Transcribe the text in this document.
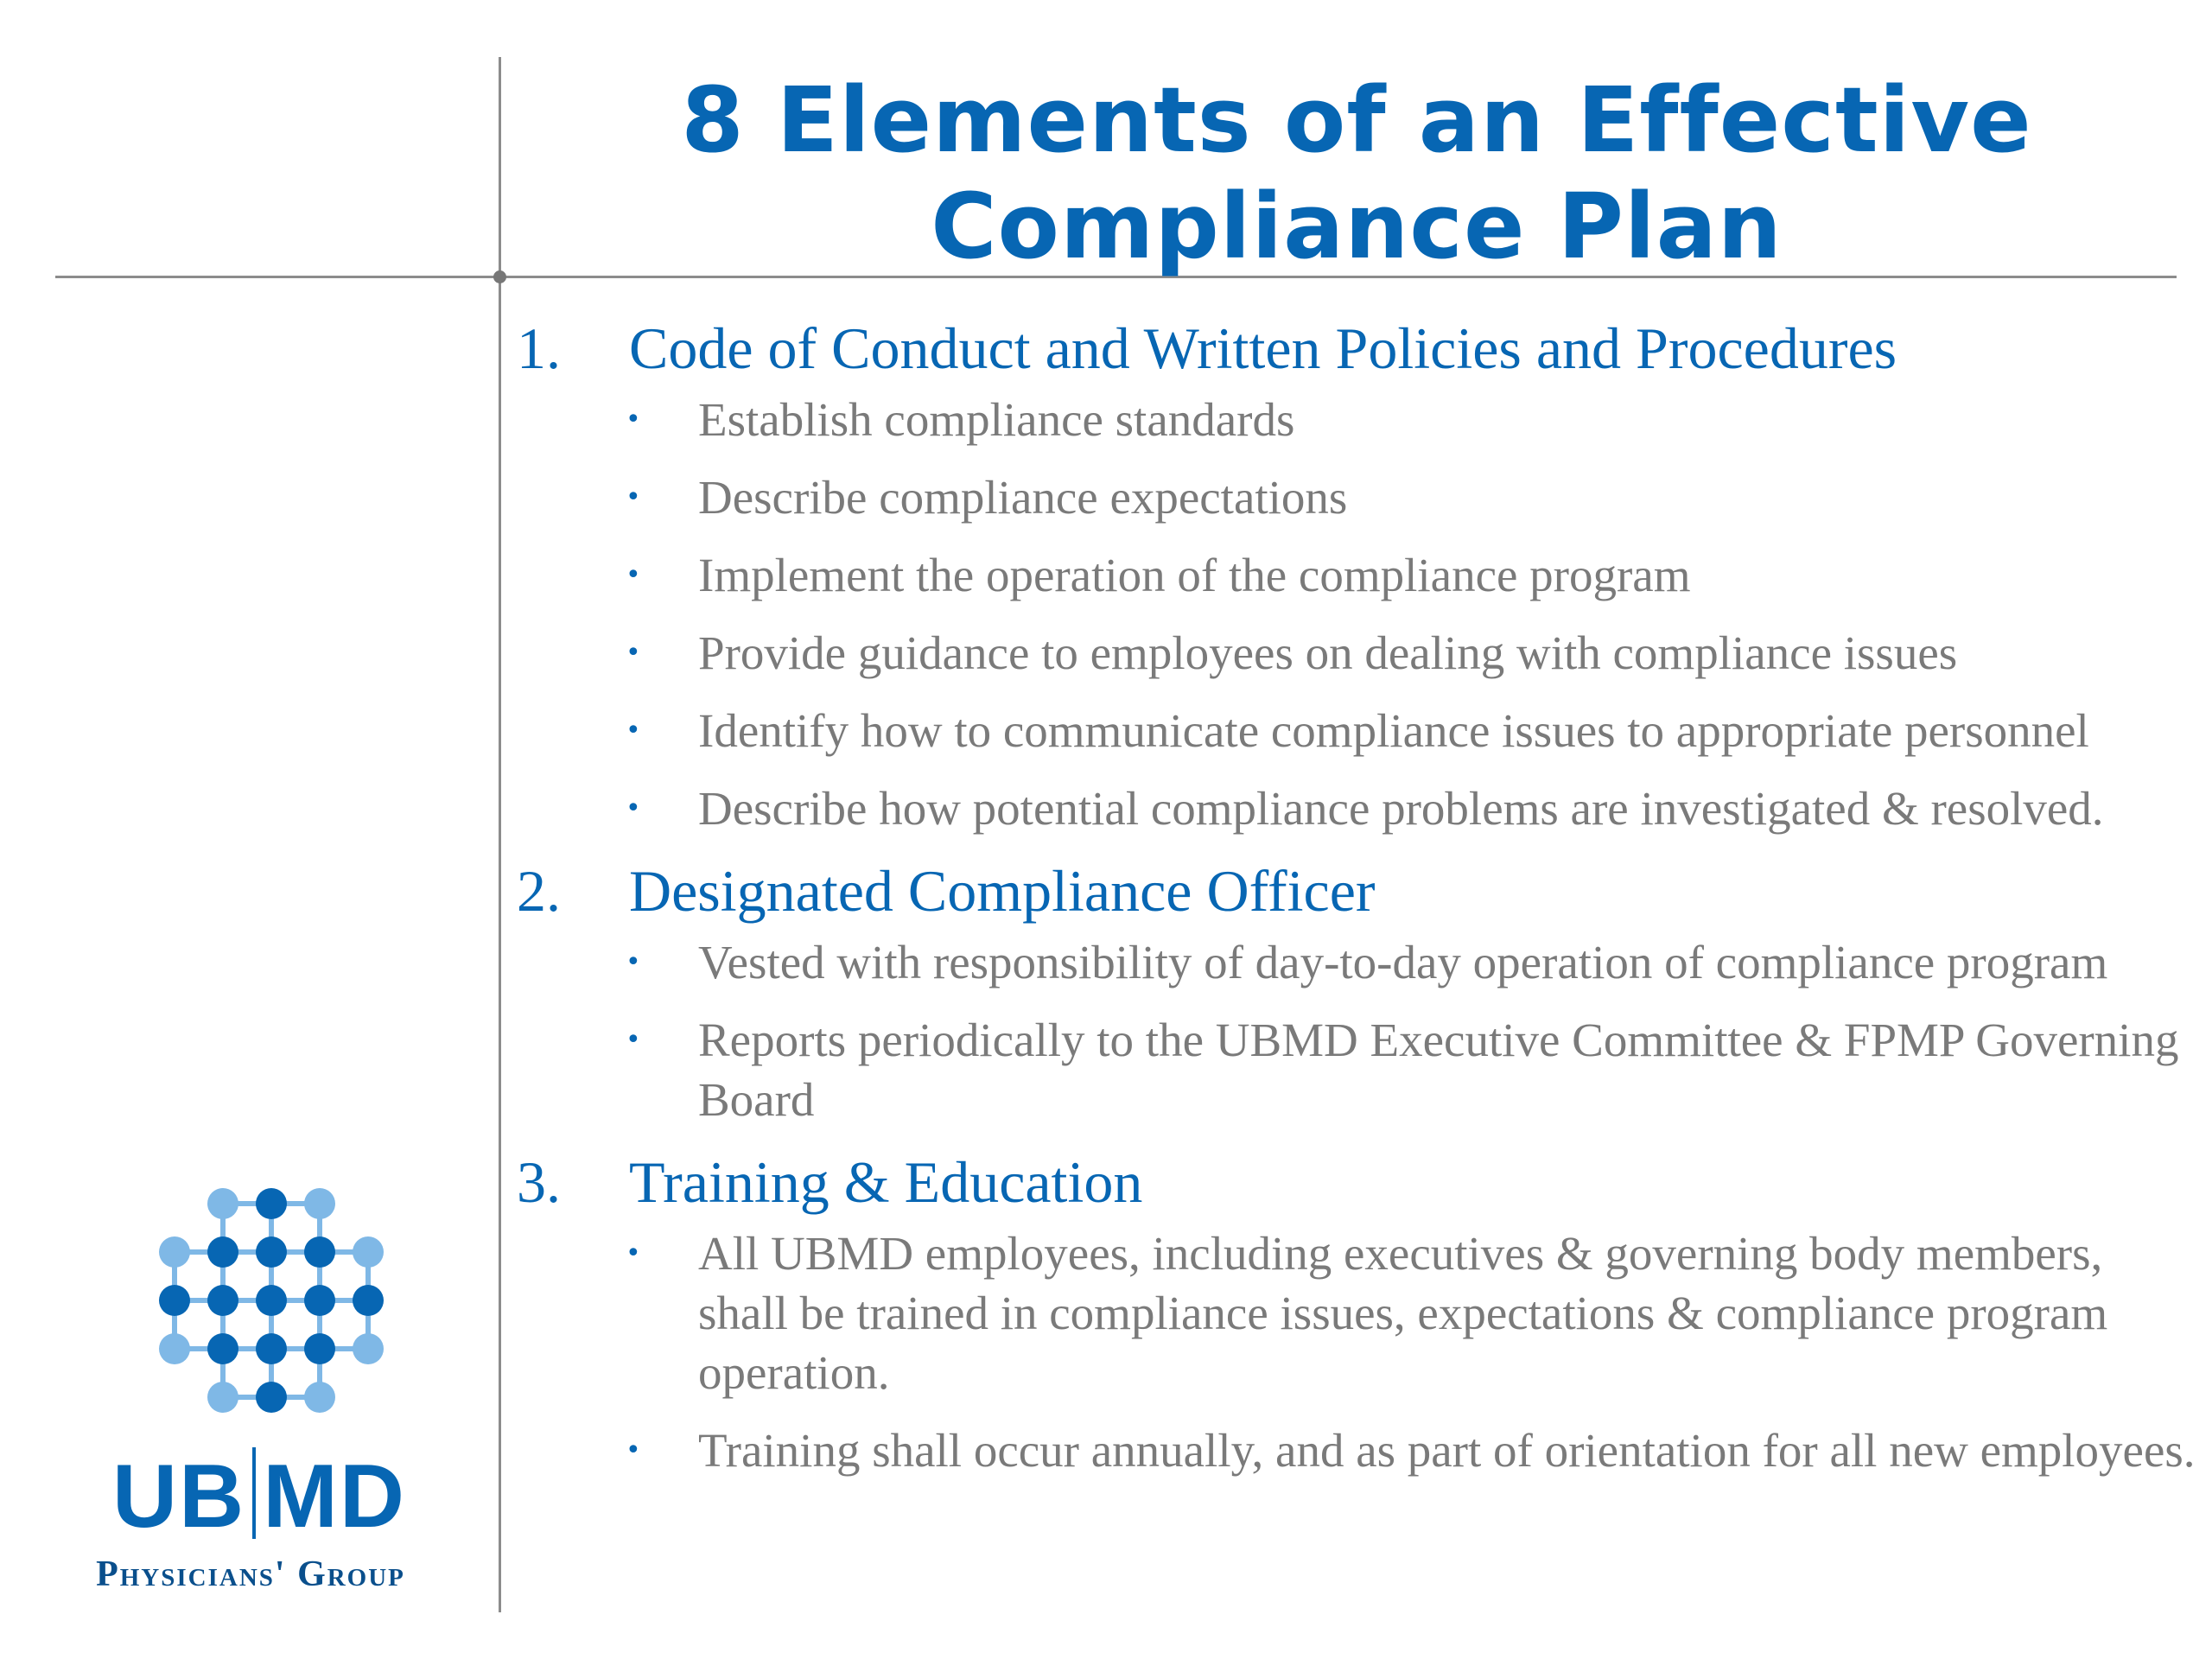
8 Elements of an Effective
Compliance Plan
1.	Code of Conduct and Written Policies and Procedures
• Establish compliance standards
• Describe compliance expectations
• Implement the operation of the compliance program
• Provide guidance to employees on dealing with compliance issues
• Identify how to communicate compliance issues to appropriate personnel
• Describe how potential compliance problems are investigated & resolved.
2.	Designated Compliance Officer
• Vested with responsibility of day-to-day operation of compliance program
• Reports periodically to the UBMD Executive Committee & FPMP Governing Board
3.	Training & Education
• All UBMD employees, including executives & governing body members, shall be trained in compliance issues, expectations & compliance program operation.
• Training shall occur annually, and as part of orientation for all new employees.
UB MD
Physicians' Group
